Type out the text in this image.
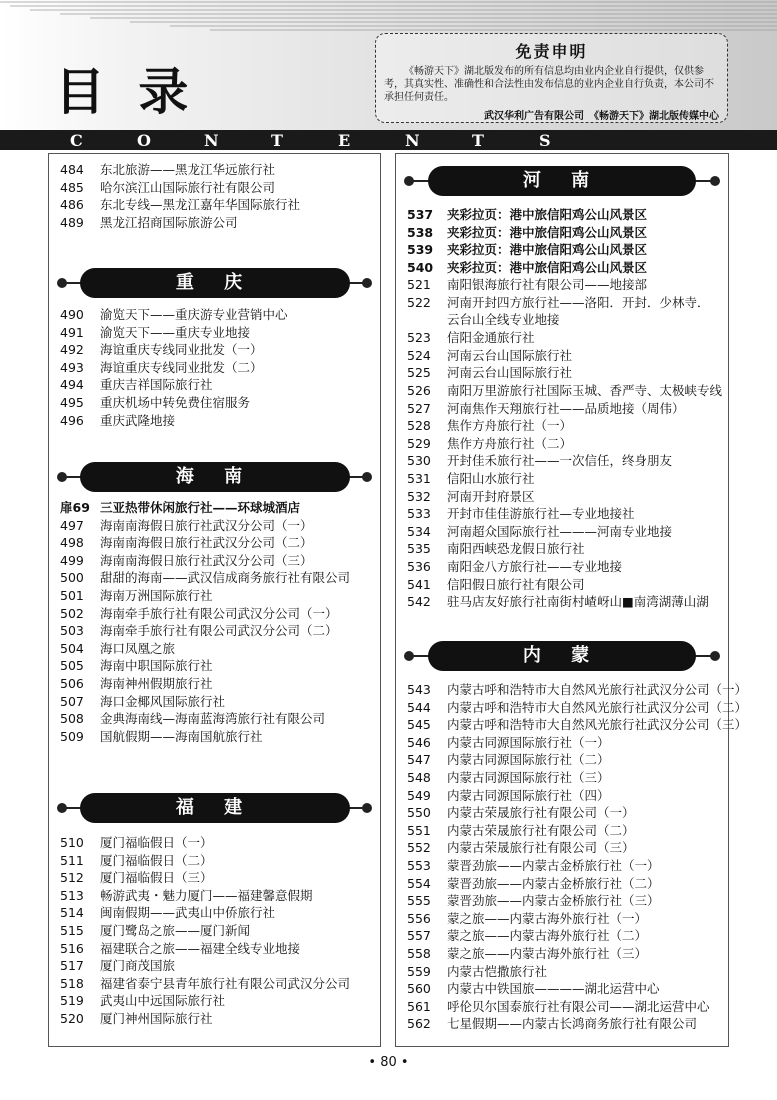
目 录
免责申明
《畅游天下》湖北版发布的所有信息均由业内企业自行提供，仅供参考，其真实性、准确性和合法性由发布信息的业内企业自行负责，本公司不承担任何责任。
武汉华利广告有限公司　《畅游天下》湖北版传媒中心
C	O	N	T	E	N	T	S
484	东北旅游——黑龙江华远旅行社
485	哈尔滨江山国际旅行社有限公司
486	东北专线—黑龙江嘉年华国际旅行社
489	黑龙江招商国际旅游公司
重 庆
490	渝览天下——重庆游专业营销中心
491	渝览天下——重庆专业地接
492	海谊重庆专线同业批发（一）
493	海谊重庆专线同业批发（二）
494	重庆吉祥国际旅行社
495	重庆机场中转免费住宿服务
496	重庆武隆地接
海 南
扉69 三亚热带休闲旅行社——环球城酒店
497	海南南海假日旅行社武汉分公司（一）
498	海南南海假日旅行社武汉分公司（二）
499	海南南海假日旅行社武汉分公司（三）
500	甜甜的海南——武汉信成商务旅行社有限公司
501	海南万洲国际旅行社
502	海南牵手旅行社有限公司武汉分公司（一）
503	海南牵手旅行社有限公司武汉分公司（二）
504	海口凤凰之旅
505	海南中职国际旅行社
506	海南神州假期旅行社
507	海口金椰风国际旅行社
508	金典海南线—海南蓝海湾旅行社有限公司
509	国航假期——海南国航旅行社
福 建
510	厦门福临假日（一）
511	厦门福临假日（二）
512	厦门福临假日（三）
513	畅游武夷・魅力厦门——福建馨意假期
514	闽南假期——武夷山中侨旅行社
515	厦门鹭岛之旅——厦门新闻
516	福建联合之旅——福建全线专业地接
517	厦门商茂国旅
518	福建省泰宁县青年旅行社有限公司武汉分公司
519	武夷山中远国际旅行社
520	厦门神州国际旅行社
河 南
537	夹彩拉页：港中旅信阳鸡公山风景区
538	夹彩拉页：港中旅信阳鸡公山风景区
539	夹彩拉页：港中旅信阳鸡公山风景区
540	夹彩拉页：港中旅信阳鸡公山风景区
521	南阳银海旅行社有限公司——地接部
522	河南开封四方旅行社——洛阳．开封．少林寺．云台山全线专业地接
523	信阳金通旅行社
524	河南云台山国际旅行社
525	河南云台山国际旅行社
526	南阳万里游旅行社国际玉城、香严寺、太极峡专线
527	河南焦作天翔旅行社——品质地接（周伟）
528	焦作方舟旅行社（一）
529	焦作方舟旅行社（二）
530	开封佳禾旅行社——一次信任，终身朋友
531	信阳山水旅行社
532	河南开封府景区
533	开封市佳佳游旅行社—专业地接社
534	河南超众国际旅行社———河南专业地接
535	南阳西峡恐龙假日旅行社
536	南阳金八方旅行社——专业地接
541	信阳假日旅行社有限公司
542	驻马店友好旅行社南街村嵖岈山■南湾湖薄山湖
内 蒙
543	内蒙古呼和浩特市大自然风光旅行社武汉分公司（一）
544	内蒙古呼和浩特市大自然风光旅行社武汉分公司（二）
545	内蒙古呼和浩特市大自然风光旅行社武汉分公司（三）
546	内蒙古同源国际旅行社（一）
547	内蒙古同源国际旅行社（二）
548	内蒙古同源国际旅行社（三）
549	内蒙古同源国际旅行社（四）
550	内蒙古荣晟旅行社有限公司（一）
551	内蒙古荣晟旅行社有限公司（二）
552	内蒙古荣晟旅行社有限公司（三）
553	蒙晋劲旅——内蒙古金桥旅行社（一）
554	蒙晋劲旅——内蒙古金桥旅行社（二）
555	蒙晋劲旅——内蒙古金桥旅行社（三）
556	蒙之旅——内蒙古海外旅行社（一）
557	蒙之旅——内蒙古海外旅行社（二）
558	蒙之旅——内蒙古海外旅行社（三）
559	内蒙古恺撒旅行社
560	内蒙古中铁国旅————湖北运营中心
561	呼伦贝尔国泰旅行社有限公司——湖北运营中心
562	七星假期——内蒙古长鸿商务旅行社有限公司
• 80 •
